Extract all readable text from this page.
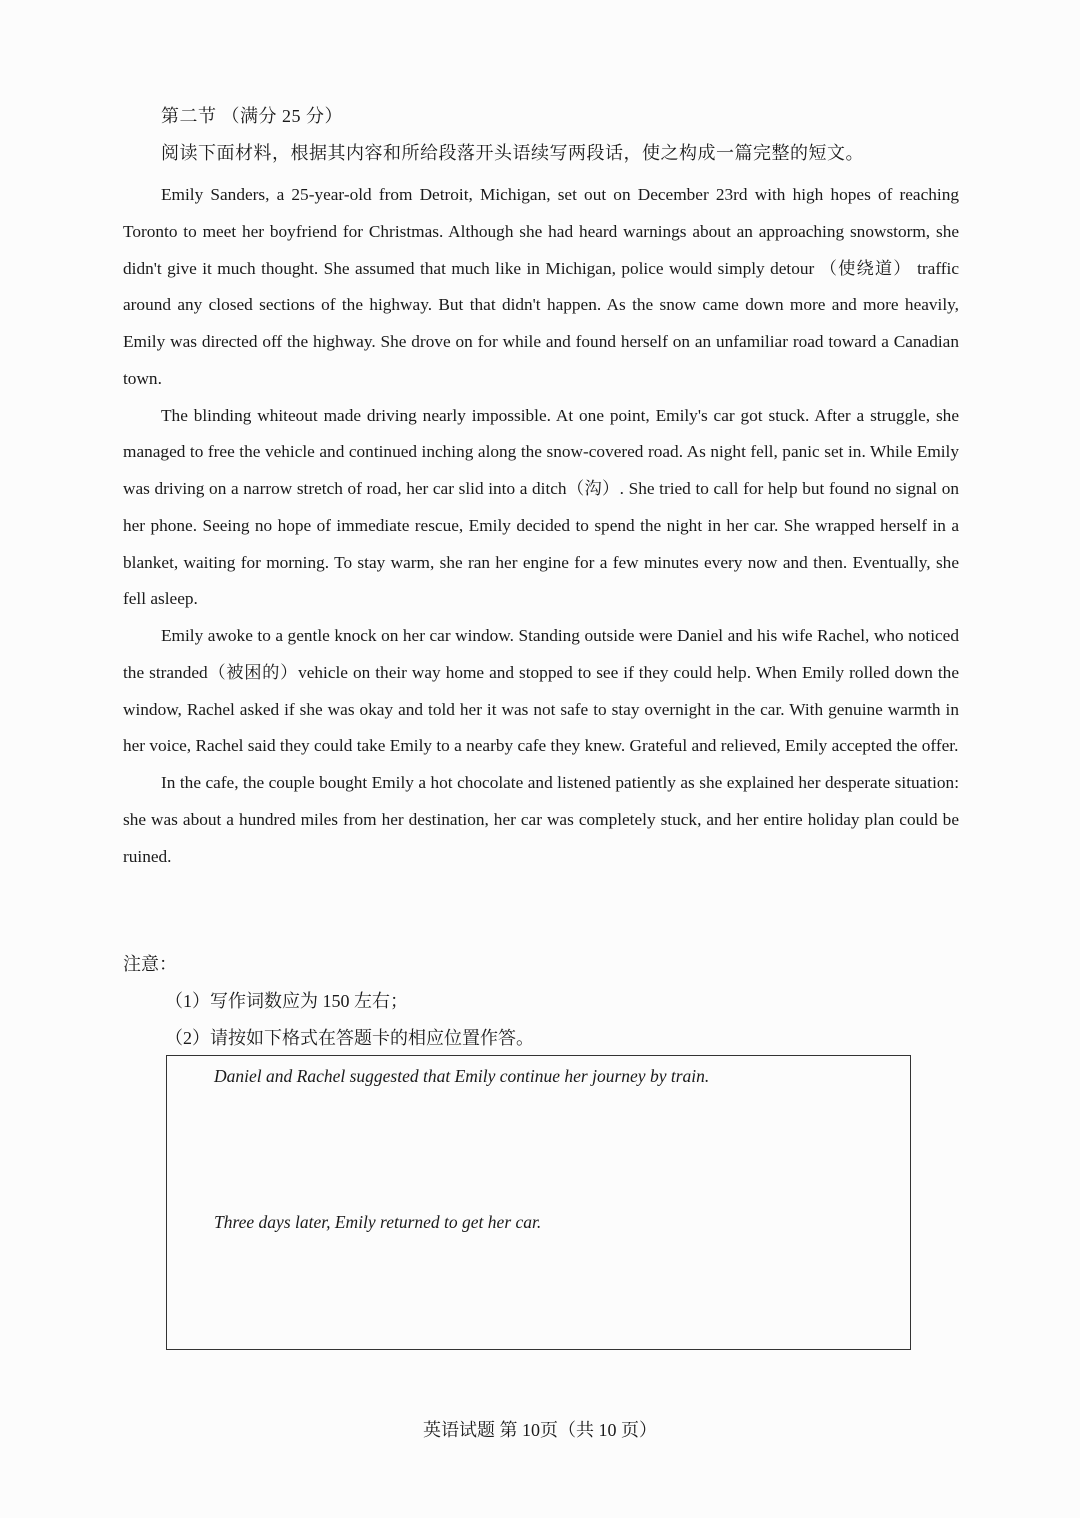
第二节 （满分 25 分）
阅读下面材料，根据其内容和所给段落开头语续写两段话，使之构成一篇完整的短文。

Emily Sanders, a 25-year-old from Detroit, Michigan, set out on December 23rd with high hopes of reaching Toronto to meet her boyfriend for Christmas. Although she had heard warnings about an approaching snowstorm, she didn't give it much thought. She assumed that much like in Michigan, police would simply detour （使绕道） traffic around any closed sections of the highway. But that didn't happen. As the snow came down more and more heavily, Emily was directed off the highway. She drove on for while and found herself on an unfamiliar road toward a Canadian town.

The blinding whiteout made driving nearly impossible. At one point, Emily's car got stuck. After a struggle, she managed to free the vehicle and continued inching along the snow-covered road. As night fell, panic set in. While Emily was driving on a narrow stretch of road, her car slid into a ditch（沟）. She tried to call for help but found no signal on her phone. Seeing no hope of immediate rescue, Emily decided to spend the night in her car. She wrapped herself in a blanket, waiting for morning. To stay warm, she ran her engine for a few minutes every now and then. Eventually, she fell asleep.

Emily awoke to a gentle knock on her car window. Standing outside were Daniel and his wife Rachel, who noticed the stranded（被困的）vehicle on their way home and stopped to see if they could help. When Emily rolled down the window, Rachel asked if she was okay and told her it was not safe to stay overnight in the car. With genuine warmth in her voice, Rachel said they could take Emily to a nearby cafe they knew. Grateful and relieved, Emily accepted the offer.

In the cafe, the couple bought Emily a hot chocolate and listened patiently as she explained her desperate situation: she was about a hundred miles from her destination, her car was completely stuck, and her entire holiday plan could be ruined.

注意：
（1）写作词数应为 150 左右；
（2）请按如下格式在答题卡的相应位置作答。
Daniel and Rachel suggested that Emily continue her journey by train.
Three days later, Emily returned to get her car.
英语试题 第 10页（共 10 页）
